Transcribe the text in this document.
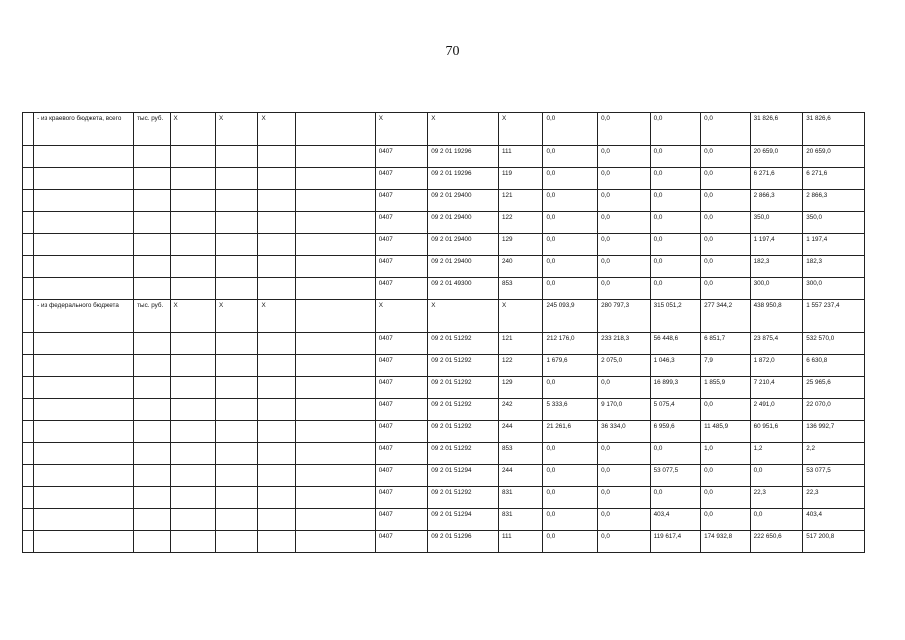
70
	- из краевого бюджета, всего	тыс. руб.	Х	Х	Х		Х	Х	Х	0,0	0,0	0,0	0,0	31 826,6	31 826,6
							0407	09 2 01 19296	111	0,0	0,0	0,0	0,0	20 659,0	20 659,0
							0407	09 2 01 19296	119	0,0	0,0	0,0	0,0	6 271,6	6 271,6
							0407	09 2 01 29400	121	0,0	0,0	0,0	0,0	2 866,3	2 866,3
							0407	09 2 01 29400	122	0,0	0,0	0,0	0,0	350,0	350,0
							0407	09 2 01 29400	129	0,0	0,0	0,0	0,0	1 197,4	1 197,4
							0407	09 2 01 29400	240	0,0	0,0	0,0	0,0	182,3	182,3
							0407	09 2 01 49300	853	0,0	0,0	0,0	0,0	300,0	300,0
	- из федерального бюджета	тыс. руб.	Х	Х	Х		Х	Х	Х	245 093,9	280 797,3	315 051,2	277 344,2	438 950,8	1 557 237,4
							0407	09 2 01 51292	121	212 176,0	233 218,3	56 448,6	6 851,7	23 875,4	532 570,0
							0407	09 2 01 51292	122	1 679,6	2 075,0	1 046,3	7,9	1 872,0	6 630,8
							0407	09 2 01 51292	129	0,0	0,0	16 899,3	1 855,9	7 210,4	25 965,6
							0407	09 2 01 51292	242	5 333,6	9 170,0	5 075,4	0,0	2 491,0	22 070,0
							0407	09 2 01 51292	244	21 261,6	36 334,0	6 959,6	11 485,9	60 951,6	136 992,7
							0407	09 2 01 51292	853	0,0	0,0	0,0	1,0	1,2	2,2
							0407	09 2 01 51294	244	0,0	0,0	53 077,5	0,0	0,0	53 077,5
							0407	09 2 01 51292	831	0,0	0,0	0,0	0,0	22,3	22,3
							0407	09 2 01 51294	831	0,0	0,0	403,4	0,0	0,0	403,4
							0407	09 2 01 51296	111	0,0	0,0	119 617,4	174 932,8	222 650,6	517 200,8
